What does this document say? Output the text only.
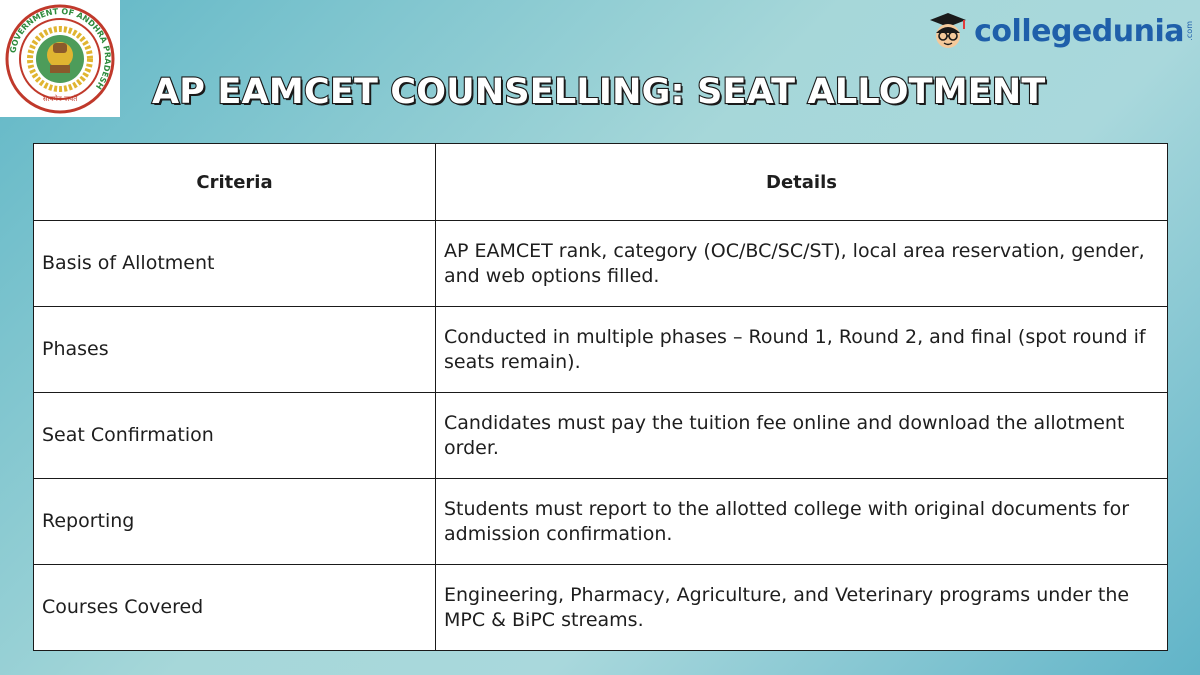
GOVERNMENT OF ANDHRA PRADESH
सत्यमेव जयते
collegedunia .com
AP EAMCET COUNSELLING: SEAT ALLOTMENT
Criteria	Details
Basis of Allotment	AP EAMCET rank, category (OC/BC/SC/ST), local area reservation, gender, and web options filled.
Phases	Conducted in multiple phases – Round 1, Round 2, and final (spot round if seats remain).
Seat Confirmation	Candidates must pay the tuition fee online and download the allotment order.
Reporting	Students must report to the allotted college with original documents for admission confirmation.
Courses Covered	Engineering, Pharmacy, Agriculture, and Veterinary programs under the MPC & BiPC streams.
